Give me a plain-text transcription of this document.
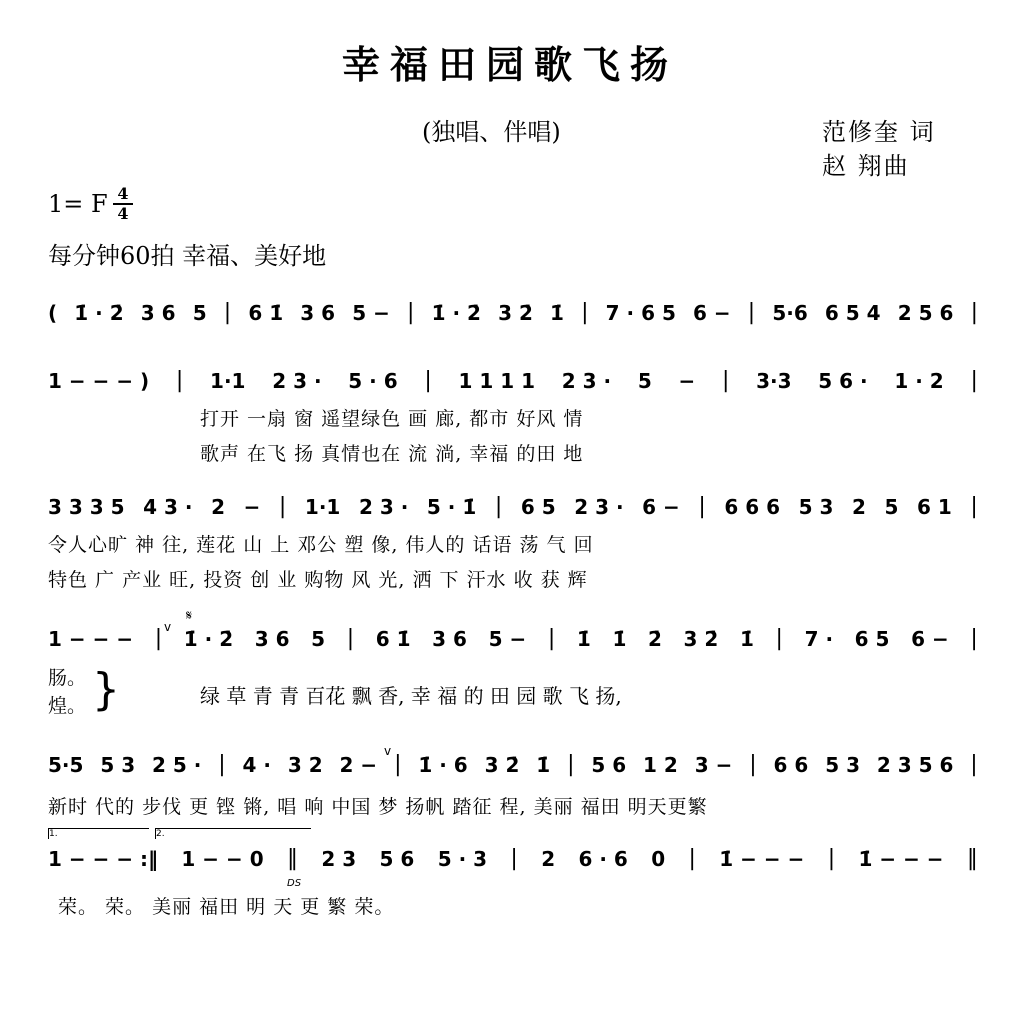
幸福田园歌飞扬
(独唱、伴唱)	范修奎 词
赵 翔曲
1= F 4
4
每分钟60拍 幸福、美好地
( 1̇ · 2̇ 3 6 5 | 6 1̇ 3 6 5 − | 1̇ · 2̇ 3 2̇ 1̇ | 7 · 6 5 6 − | 5·6 6 5 4 2 5 6 |
1 − − − ) | 1·1 2 3 · 5 · 6 | 1 1 1 1 2 3 · 5 − | 3·3 5 6 · 1 · 2 |
打开 一扇 窗 遥望绿色 画 廊, 都市 好风 情
歌声 在飞 扬 真情也在 流 淌, 幸福 的田 地
3 3 3 5 4 3 · 2 − | 1·1 2 3 · 5 · 1̇ | 6 5 2 3 · 6 − | 6 6 6 5 3 2 5 6 1 |
令人心旷 神 往, 莲花 山 上 邓公 塑 像, 伟人的 话语 荡 气 回
特色 广 产业 旺, 投资 创 业 购物 风 光, 洒 下 汗水 收 获 辉
𝄋
v
1 − − − | 1̇ · 2̇ 3 6 5 | 6 1̇ 3 6 5 − | 1̇ 1̇ 2̇ 3 2̇ 1̇ | 7 · 6 5 6 − |
肠。
煌。 }	绿 草 青 青 百花 飘 香, 幸 福 的 田 园 歌 飞 扬,
v
5·5 5 3 2 5 · | 4 · 3 2 2 − | 1̇ · 6 3 2̇ 1̇ | 5 6 1 2 3 − | 6 6 5 3 2 3 5 6 |
新时 代的 步伐 更 铿 锵, 唱 响 中国 梦 扬帆 踏征 程, 美丽 福田 明天更繁
1.	2.
1 − − − :‖ 1 − − 0 ‖ 2 3 5 6 5 · 3 | 2 6 · 6 0 | 1̇ − − − | 1̇ − − − ‖
DS
荣。 荣。 美丽 福田 明 天 更 繁 荣。
